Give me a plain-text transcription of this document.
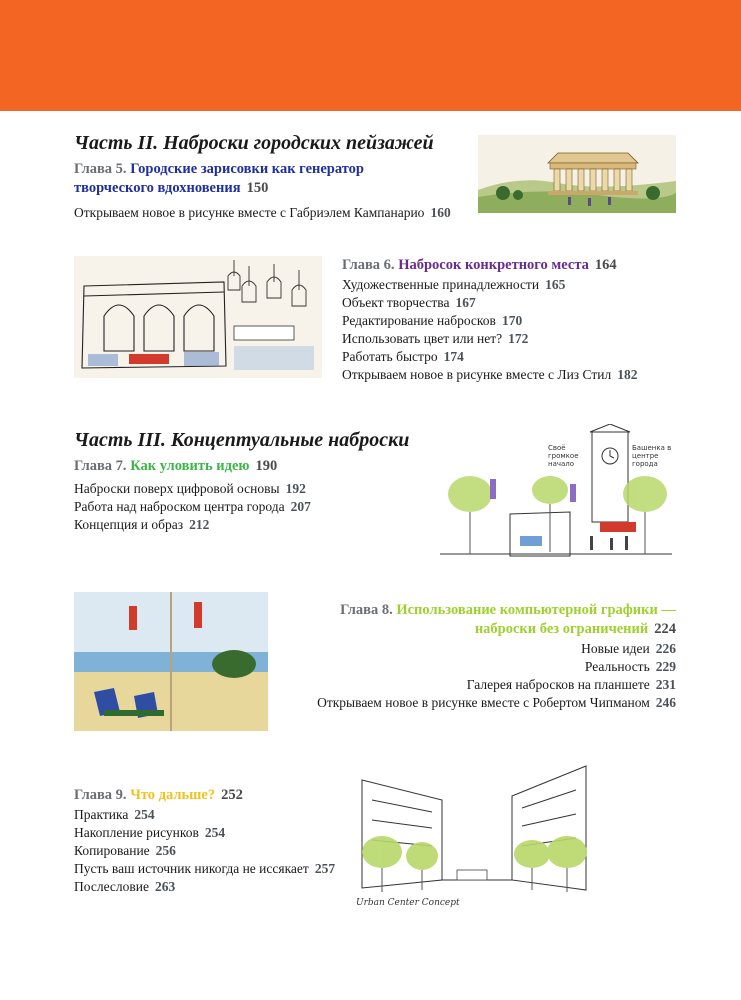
Часть II. Наброски городских пейзажей

Глава 5. Городские зарисовки как генератор

творческого вдохновения 150

Открываем новое в рисунке вместе с Габриэлем Кампанарио 160

Глава 6. Набросок конкретного места 164

Художественные принадлежности 165
Объект творчества 167
Редактирование набросков 170
Использовать цвет или нет? 172
Работать быстро 174
Открываем новое в рисунке вместе с Лиз Стил 182

Часть III. Концептуальные наброски

Глава 7. Как уловить идею 190

Наброски поверх цифровой основы 192
Работа над наброском центра города 207
Концепция и образ 212
Своё громкое начало
Башенка в центре города

Глава 8. Использование компьютерной графики —

наброски без ограничений 224

Новые идеи 226
Реальность 229
Галерея набросков на планшете 231
Открываем новое в рисунке вместе с Робертом Чипманом 246

Глава 9. Что дальше? 252

Практика 254
Накопление рисунков 254
Копирование 256
Пусть ваш источник никогда не иссякает 257
Послесловие 263
Urban Center Concept
